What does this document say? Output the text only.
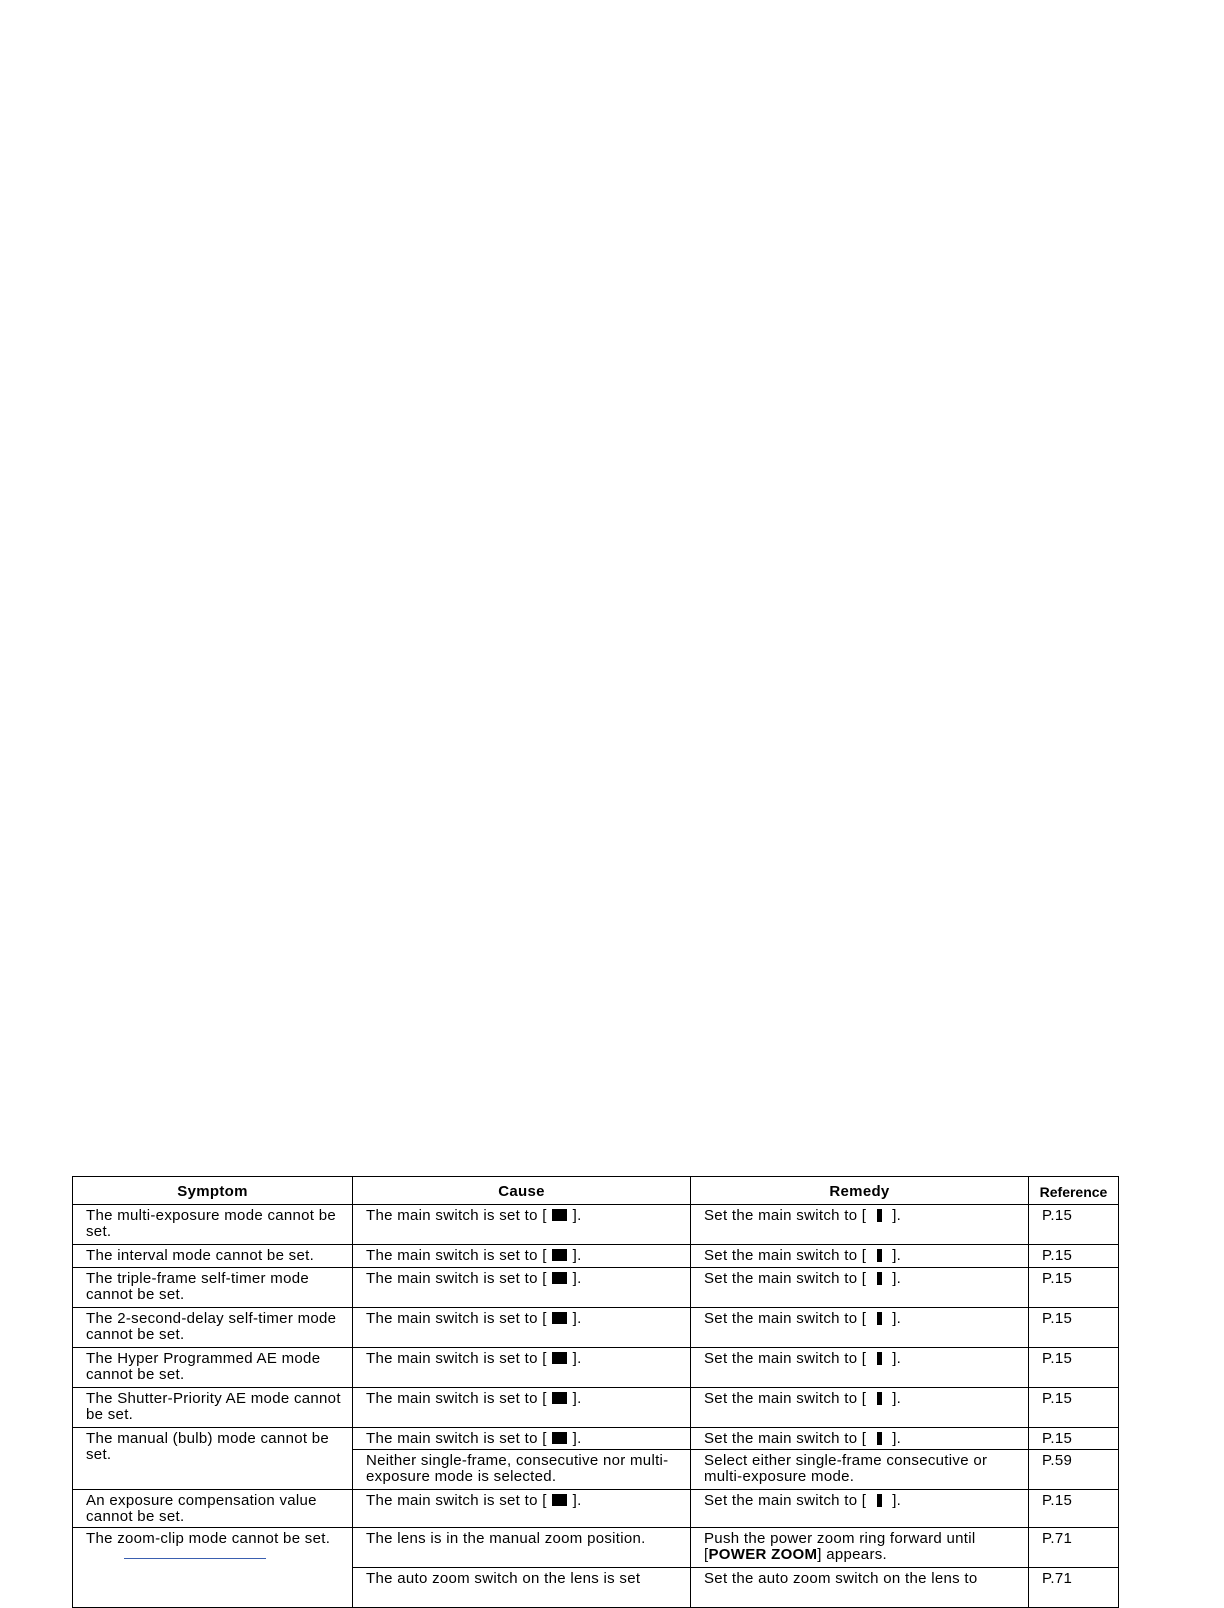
Symptom	Cause	Remedy	Reference
The multi-exposure mode cannot be set.	The main switch is set to [ ].	Set the main switch to [ ].	P.15
The interval mode cannot be set.	The main switch is set to [ ].	Set the main switch to [ ].	P.15
The triple-frame self-timer mode cannot be set.	The main switch is set to [ ].	Set the main switch to [ ].	P.15
The 2-second-delay self-timer mode cannot be set.	The main switch is set to [ ].	Set the main switch to [ ].	P.15
The Hyper Programmed AE mode cannot be set.	The main switch is set to [ ].	Set the main switch to [ ].	P.15
The Shutter-Priority AE mode cannot be set.	The main switch is set to [ ].	Set the main switch to [ ].	P.15
The manual (bulb) mode cannot be set.	The main switch is set to [ ].	Set the main switch to [ ].	P.15
	Neither single-frame, consecutive nor multi-exposure mode is selected.	Select either single-frame consecutive or multi-exposure mode.	P.59
An exposure compensation value cannot be set.	The main switch is set to [ ].	Set the main switch to [ ].	P.15
The zoom-clip mode cannot be set.	The lens is in the manual zoom position.	Push the power zoom ring forward until [POWER ZOOM] appears.	P.71
	The auto zoom switch on the lens is set	Set the auto zoom switch on the lens to	P.71
